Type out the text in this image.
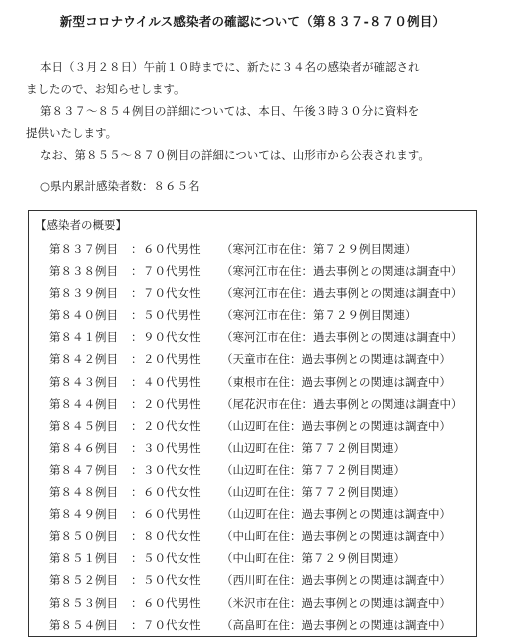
新型コロナウイルス感染者の確認について（第８３７-８７０例目）
本日（３月２８日）午前１０時までに、新たに３４名の感染者が確認され
ましたので、お知らせします。
第８３７～８５４例目の詳細については、本日、午後３時３０分に資料を
提供いたします。
なお、第８５５～８７０例目の詳細については、山形市から公表されます。
○県内累計感染者数：８６５名
【感染者の概要】
第８３７例目	： ６０代男性	（寒河江市在住：第７２９例目関連）
第８３８例目	： ７０代男性	（寒河江市在住：過去事例との関連は調査中）
第８３９例目	： ７０代女性	（寒河江市在住：過去事例との関連は調査中）
第８４０例目	： ５０代男性	（寒河江市在住：第７２９例目関連）
第８４１例目	： ９０代女性	（寒河江市在住：過去事例との関連は調査中）
第８４２例目	： ２０代男性	（天童市在住：過去事例との関連は調査中）
第８４３例目	： ４０代男性	（東根市在住：過去事例との関連は調査中）
第８４４例目	： ２０代男性	（尾花沢市在住：過去事例との関連は調査中）
第８４５例目	： ２０代女性	（山辺町在住：過去事例との関連は調査中）
第８４６例目	： ３０代男性	（山辺町在住：第７７２例目関連）
第８４７例目	： ３０代女性	（山辺町在住：第７７２例目関連）
第８４８例目	： ６０代女性	（山辺町在住：第７７２例目関連）
第８４９例目	： ６０代男性	（山辺町在住：過去事例との関連は調査中）
第８５０例目	： ８０代女性	（中山町在住：過去事例との関連は調査中）
第８５１例目	： ５０代女性	（中山町在住：第７２９例目関連）
第８５２例目	： ５０代女性	（西川町在住：過去事例との関連は調査中）
第８５３例目	： ６０代男性	（米沢市在住：過去事例との関連は調査中）
第８５４例目	： ７０代女性	（高畠町在住：過去事例との関連は調査中）
